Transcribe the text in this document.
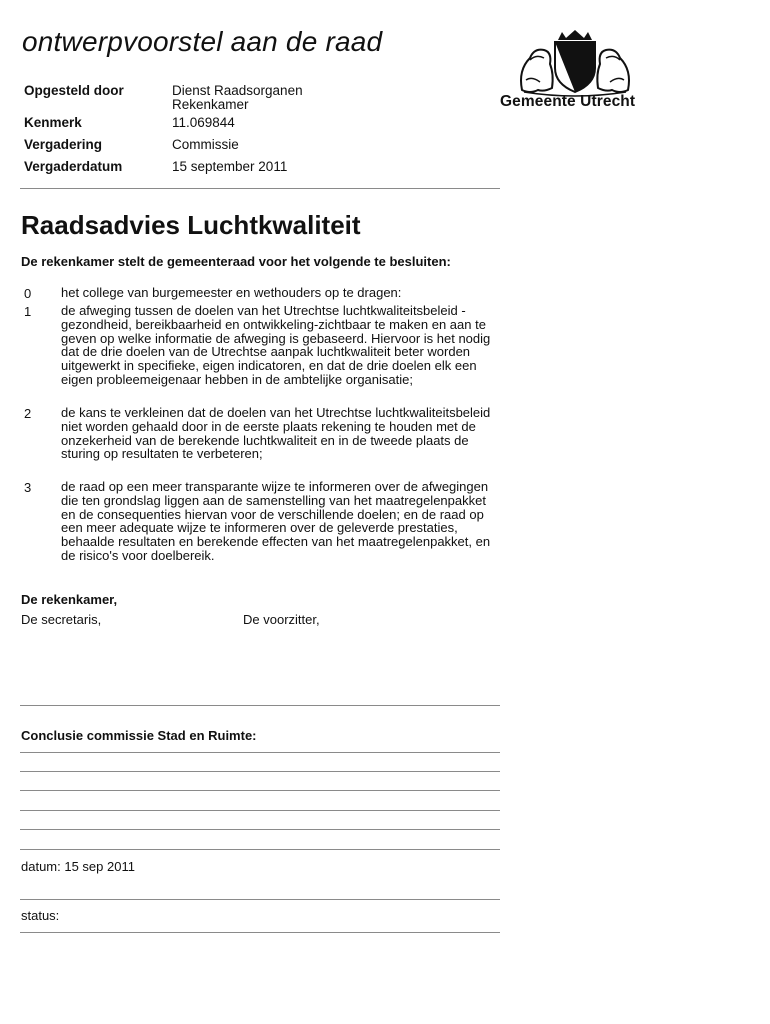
ontwerpvoorstel aan de raad
Gemeente Utrecht
Opgesteld door	Dienst Raadsorganen
Rekenkamer
Kenmerk	11.069844
Vergadering	Commissie
Vergaderdatum	15 september 2011
Raadsadvies Luchtkwaliteit
De rekenkamer stelt de gemeenteraad voor het volgende te besluiten:
0	het college van burgemeester en wethouders op te dragen:
1	de afweging tussen de doelen van het Utrechtse luchtkwaliteitsbeleid -gezondheid, bereikbaarheid en ontwikkeling-zichtbaar te maken en aan te geven op welke informatie de afweging is gebaseerd. Hiervoor is het nodig dat de drie doelen van de Utrechtse aanpak luchtkwaliteit beter worden uitgewerkt in specifieke, eigen indicatoren, en dat de drie doelen elk een eigen probleemeigenaar hebben in de ambtelijke organisatie;
2	de kans te verkleinen dat de doelen van het Utrechtse luchtkwaliteitsbeleid niet worden gehaald door in de eerste plaats rekening te houden met de onzekerheid van de berekende luchtkwaliteit en in de tweede plaats de sturing op resultaten te verbeteren;
3	de raad op een meer transparante wijze te informeren over de afwegingen die ten grondslag liggen aan de samenstelling van het maatregelenpakket en de consequenties hiervan voor de verschillende doelen; en de raad op een meer adequate wijze te informeren over de geleverde prestaties, behaalde resultaten en berekende effecten van het maatregelenpakket, en de risico's voor doelbereik.
De rekenkamer,
De secretaris,	De voorzitter,
Conclusie commissie Stad en Ruimte:
datum: 15 sep 2011
status:
